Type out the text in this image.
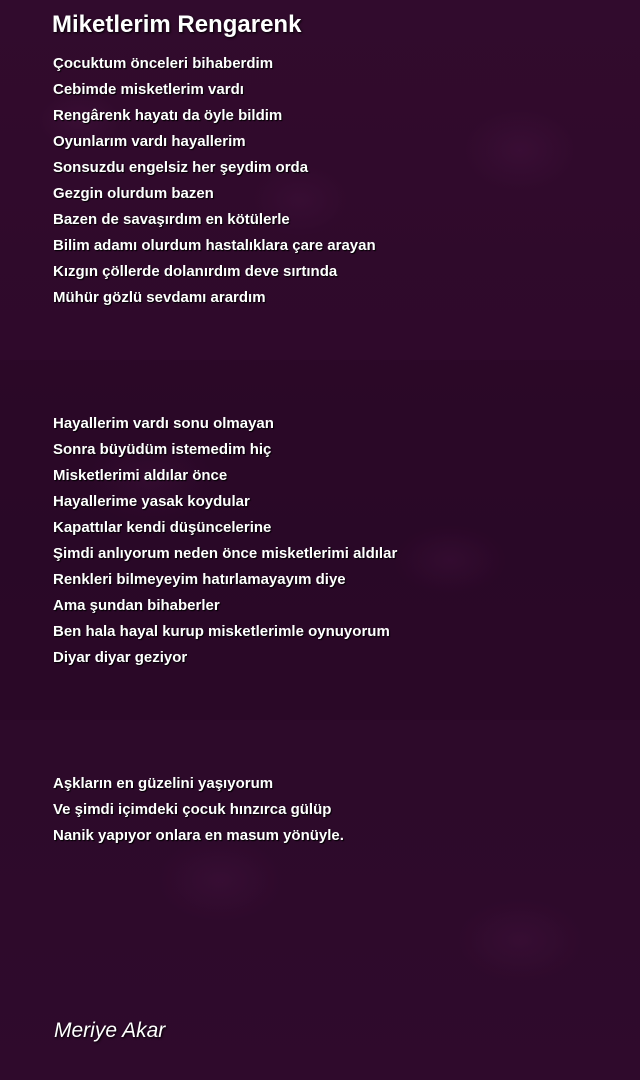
Miketlerim Rengarenk
Çocuktum önceleri bihaberdim
Cebimde misketlerim vardı
Rengârenk hayatı da öyle bildim
Oyunlarım vardı hayallerim
Sonsuzdu engelsiz her şeydim orda
Gezgin olurdum bazen
Bazen de savaşırdım en kötülerle
Bilim adamı olurdum hastalıklara çare arayan
Kızgın çöllerde dolanırdım deve sırtında
Mühür gözlü sevdamı arardım
Hayallerim vardı sonu olmayan
Sonra büyüdüm istemedim hiç
Misketlerimi aldılar önce
Hayallerime yasak koydular
Kapattılar kendi düşüncelerine
Şimdi anlıyorum neden önce misketlerimi aldılar
Renkleri bilmeyeyim hatırlamayayım diye
Ama şundan bihaberler
Ben hala hayal kurup misketlerimle oynuyorum
Diyar diyar geziyor
Aşkların en güzelini yaşıyorum
Ve şimdi içimdeki çocuk hınzırca gülüp
Nanik yapıyor onlara en masum yönüyle.
Meriye Akar
